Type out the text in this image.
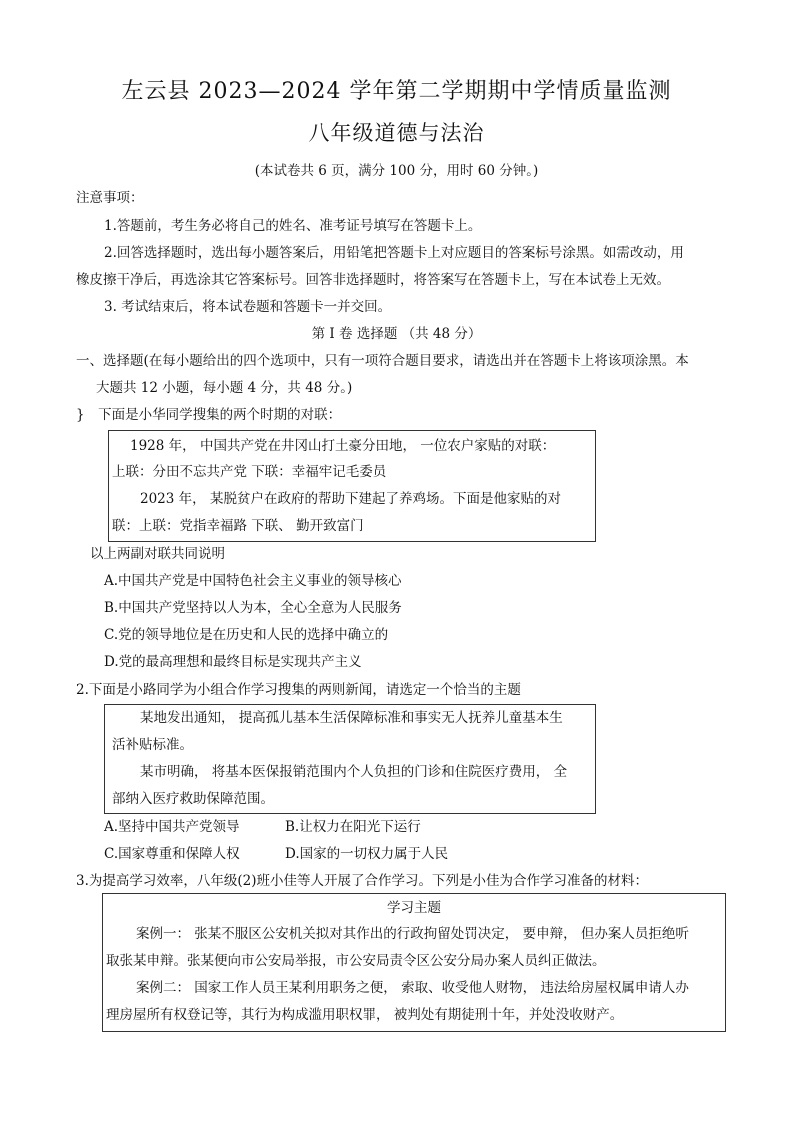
左云县 2023—2024 学年第二学期期中学情质量监测
八年级道德与法治
(本试卷共 6 页，满分 100 分，用时 60 分钟。)
注意事项：
1.答题前，考生务必将自己的姓名、准考证号填写在答题卡上。
2.回答选择题时，选出每小题答案后，用铅笔把答题卡上对应题目的答案标号涂黑。如需改动，用
橡皮擦干净后，再选涂其它答案标号。回答非选择题时，将答案写在答题卡上，写在本试卷上无效。
3. 考试结束后，将本试卷题和答题卡一并交回。
第 I 卷 选择题 （共 48 分）
一、选择题(在每小题给出的四个选项中，只有一项符合题目要求，请选出并在答题卡上将该项涂黑。本
大题共 12 小题，每小题 4 分，共 48 分。)
}　下面是小华同学搜集的两个时期的对联：
1928 年， 中国共产党在井冈山打土豪分田地， 一位农户家贴的对联：
上联：分田不忘共产党 下联：幸福牢记毛委员
2023 年， 某脱贫户在政府的帮助下建起了养鸡场。下面是他家贴的对
联：上联：党指幸福路 下联、 勤开致富门
以上两副对联共同说明
A.中国共产党是中国特色社会主义事业的领导核心
B.中国共产党坚持以人为本，全心全意为人民服务
C.党的领导地位是在历史和人民的选择中确立的
D.党的最高理想和最终目标是实现共产主义
2.下面是小路同学为小组合作学习搜集的两则新闻，请选定一个恰当的主题
某地发出通知， 提高孤儿基本生活保障标准和事实无人抚养儿童基本生
活补贴标准。
某市明确， 将基本医保报销范围内个人负担的门诊和住院医疗费用， 全
部纳入医疗救助保障范围。
A.坚持中国共产党领导	B.让权力在阳光下运行
C.国家尊重和保障人权	D.国家的一切权力属于人民
3.为提高学习效率，八年级(2)班小佳等人开展了合作学习。下列是小佳为合作学习准备的材料：
学习主题
案例一： 张某不服区公安机关拟对其作出的行政拘留处罚决定， 要申辩， 但办案人员拒绝听
取张某申辩。张某便向市公安局举报，市公安局责令区公安分局办案人员纠正做法。
案例二： 国家工作人员王某利用职务之便， 索取、收受他人财物， 违法给房屋权属申请人办
理房屋所有权登记等，其行为构成滥用职权罪， 被判处有期徒刑十年，并处没收财产。
